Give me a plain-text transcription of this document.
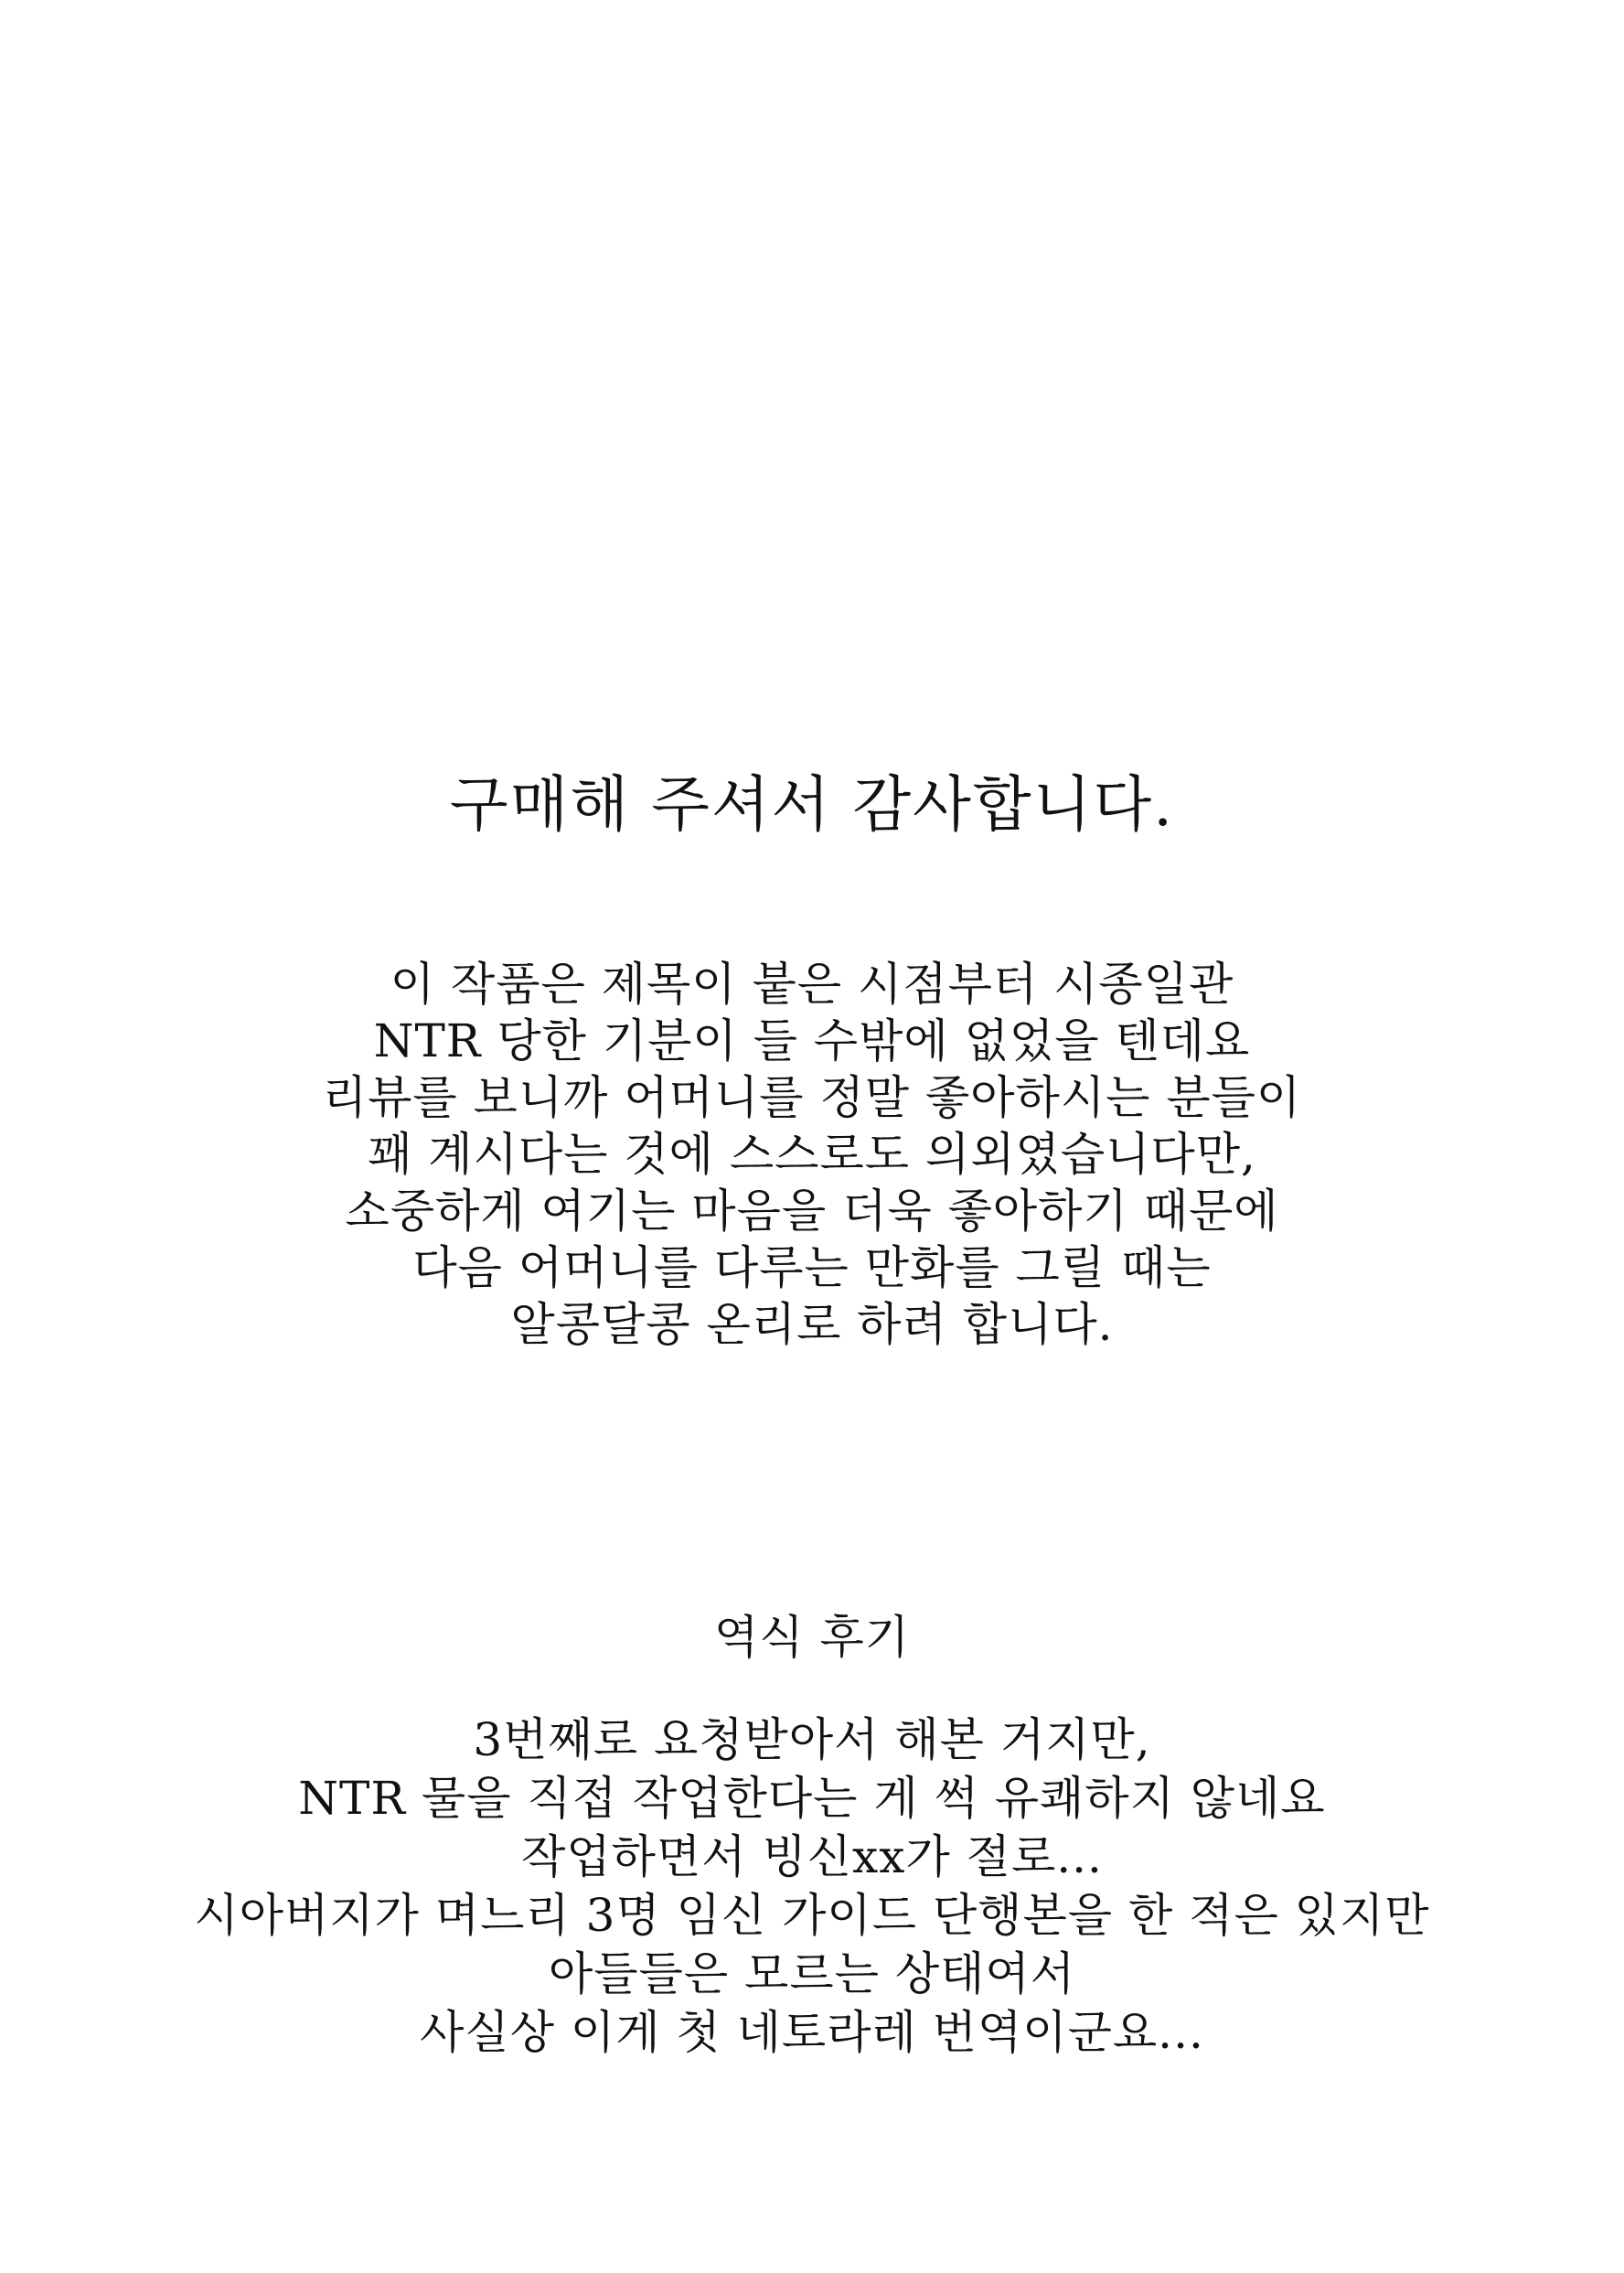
구매해 주셔서 감사합니다.
이 작품은 제목이 붙은 시점부터 시종일관
NTR 당한 기분이 들 수밖에 없었을 텐데요
리뷰를 보니까 어머니를 정말 좋아하시는 분들이
꽤 계시다는 것에 스스로도 의외였습니다만,
소중하게 여기는 마음을 더욱 좋아하기 때문에
다음 어머니를 다루는 만화를 그릴 때는
알콩달콩 온리로 하려 합니다.
역식 후기
3번째로 요청받아서 해본 거지만,
NTR 물을 직접 작업한다는 게 썩 유쾌하지 않네요
작업하면서 빙신xx가 절로...
시아버지가 며느리 3명 임신 가이드 단행본을 한 적은 있지만
아들들은 모르는 상태여서
사실상 이게 첫 네토라레 번역이군요...
